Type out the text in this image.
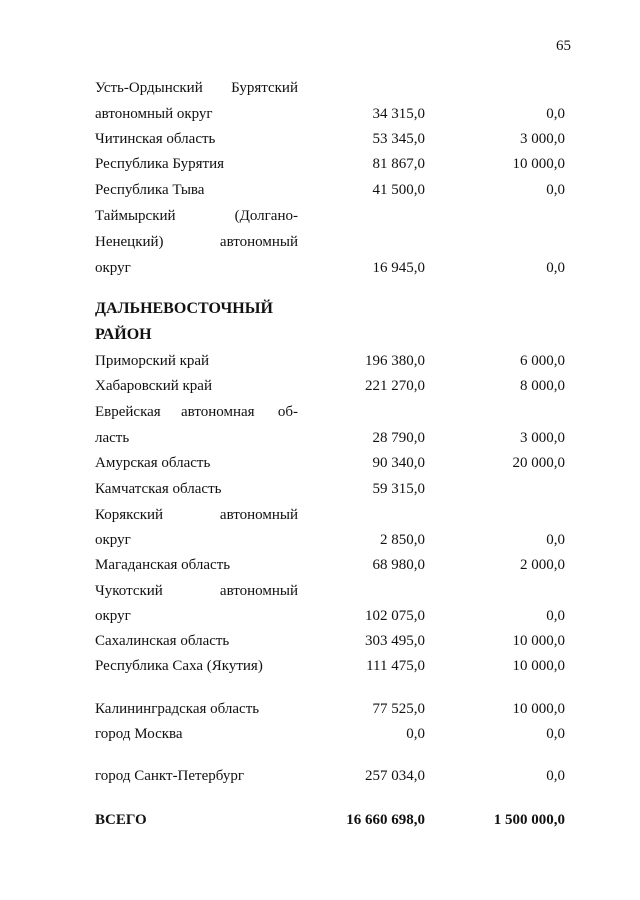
65
Усть-Ордынский Бурятский
автономный округ	34 315,0	0,0
Читинская область	53 345,0	3 000,0
Республика Бурятия	81 867,0	10 000,0
Республика Тыва	41 500,0	0,0
Таймырский	(Долгано-
Ненецкий)	автономный
округ	16 945,0	0,0
ДАЛЬНЕВОСТОЧНЫЙ
РАЙОН
Приморский край	196 380,0	6 000,0
Хабаровский край	221 270,0	8 000,0
Еврейская автономная об-
ласть	28 790,0	3 000,0
Амурская область	90 340,0	20 000,0
Камчатская область	59 315,0
Корякский	автономный
округ	2 850,0	0,0
Магаданская область	68 980,0	2 000,0
Чукотский	автономный
округ	102 075,0	0,0
Сахалинская область	303 495,0	10 000,0
Республика Саха (Якутия)	111 475,0	10 000,0
Калининградская область	77 525,0	10 000,0
город Москва	0,0	0,0
город Санкт-Петербург	257 034,0	0,0
ВСЕГО	16 660 698,0	1 500 000,0
